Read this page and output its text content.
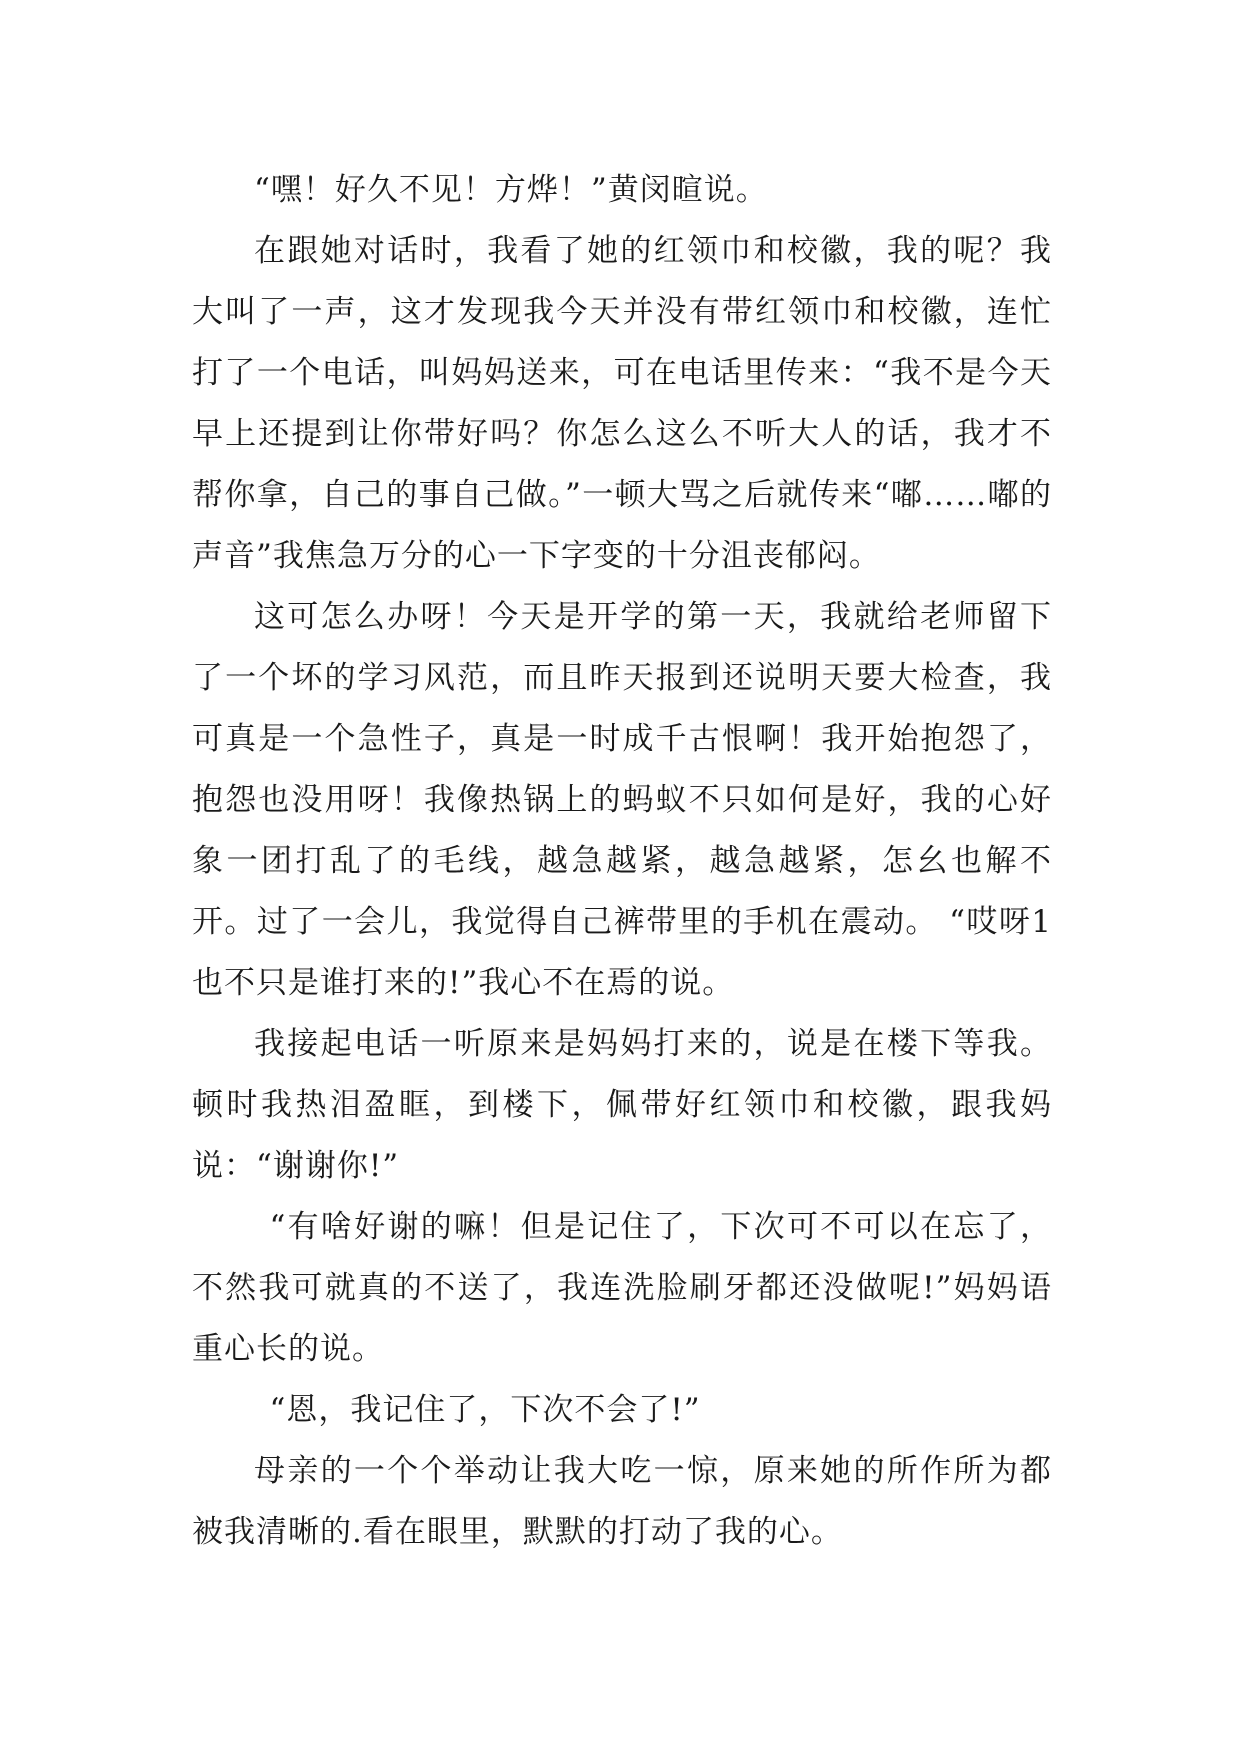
“嘿！好久不见！方烨！”黄闵暄说。

在跟她对话时，我看了她的红领巾和校徽，我的呢？我大叫了一声，这才发现我今天并没有带红领巾和校徽，连忙打了一个电话，叫妈妈送来，可在电话里传来：“我不是今天早上还提到让你带好吗？你怎么这么不听大人的话，我才不帮你拿，自己的事自己做。”一顿大骂之后就传来“嘟……嘟的声音”我焦急万分的心一下字变的十分沮丧郁闷。

这可怎么办呀！今天是开学的第一天，我就给老师留下了一个坏的学习风范，而且昨天报到还说明天要大检查，我可真是一个急性子，真是一时成千古恨啊！我开始抱怨了，抱怨也没用呀！我像热锅上的蚂蚁不只如何是好，我的心好象一团打乱了的毛线，越急越紧，越急越紧，怎幺也解不开。过了一会儿，我觉得自己裤带里的手机在震动。 “哎呀1也不只是谁打来的!”我心不在焉的说。

我接起电话一听原来是妈妈打来的，说是在楼下等我。顿时我热泪盈眶，到楼下，佩带好红领巾和校徽，跟我妈说：“谢谢你!”

“有啥好谢的嘛！但是记住了，下次可不可以在忘了，不然我可就真的不送了，我连洗脸刷牙都还没做呢!”妈妈语重心长的说。

“恩，我记住了，下次不会了!”

母亲的一个个举动让我大吃一惊，原来她的所作所为都被我清晰的.看在眼里，默默的打动了我的心。
